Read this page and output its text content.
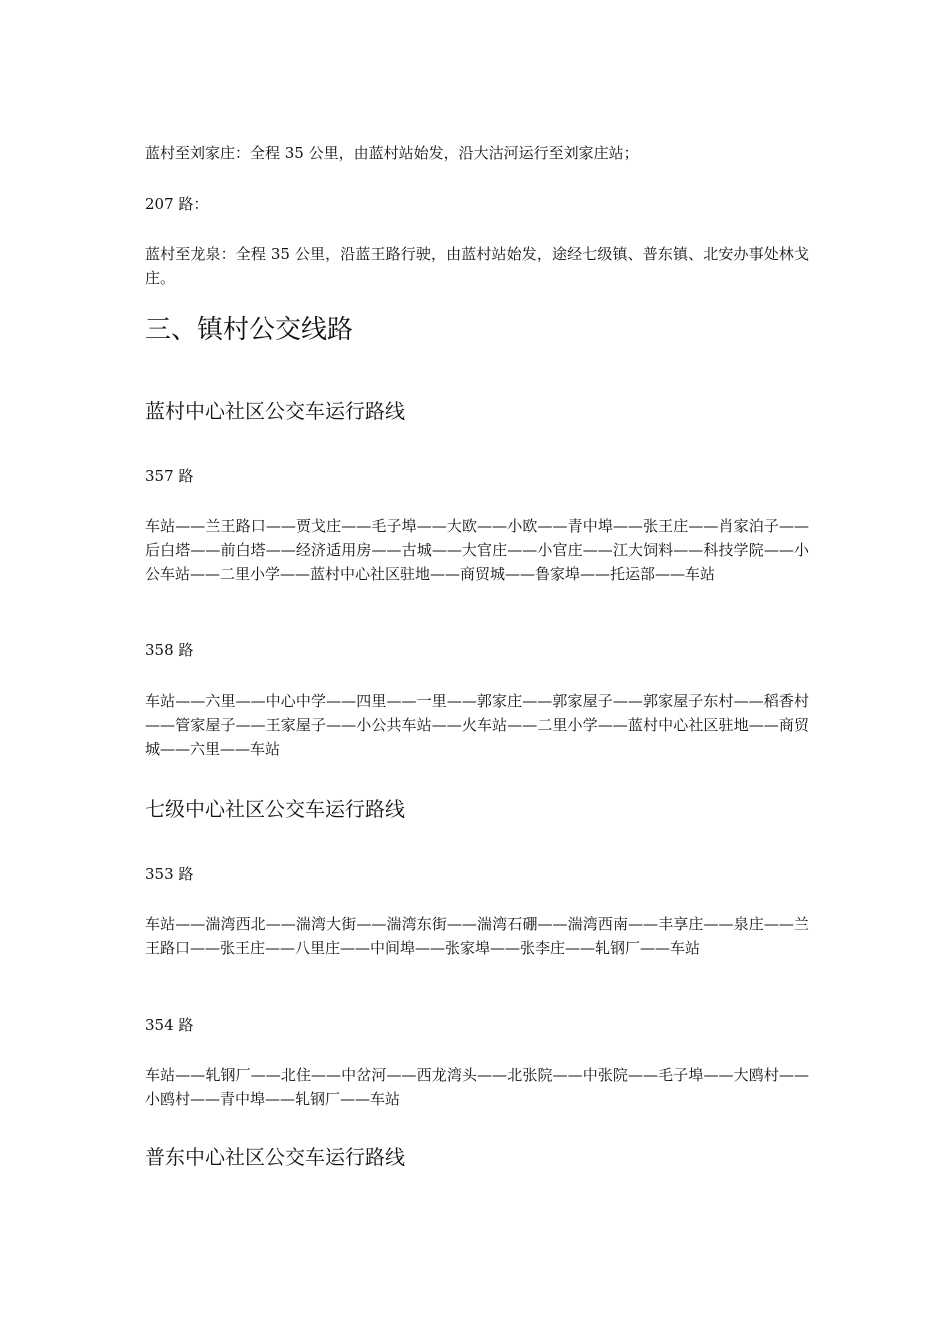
蓝村至刘家庄：全程 35 公里，由蓝村站始发，沿大沽河运行至刘家庄站；

207 路：

蓝村至龙泉：全程 35 公里，沿蓝王路行驶，由蓝村站始发，途经七级镇、普东镇、北安办事处林戈庄。

三、镇村公交线路
蓝村中心社区公交车运行路线

357 路

车站——兰王路口——贾戈庄——毛子埠——大欧——小欧——青中埠——张王庄——肖家泊子——后白塔——前白塔——经济适用房——古城——大官庄——小官庄——江大饲料——科技学院——小公车站——二里小学——蓝村中心社区驻地——商贸城——鲁家埠——托运部——车站

358 路

车站——六里——中心中学——四里——一里——郭家庄——郭家屋子——郭家屋子东村——稻香村——管家屋子——王家屋子——小公共车站——火车站——二里小学——蓝村中心社区驻地——商贸城——六里——车站

七级中心社区公交车运行路线

353 路

车站——湍湾西北——湍湾大街——湍湾东街——湍湾石硼——湍湾西南——丰享庄——泉庄——兰王路口——张王庄——八里庄——中间埠——张家埠——张李庄——轧钢厂——车站

354 路

车站——轧钢厂——北住——中岔河——西龙湾头——北张院——中张院——毛子埠——大鸥村——小鸥村——青中埠——轧钢厂——车站

普东中心社区公交车运行路线
